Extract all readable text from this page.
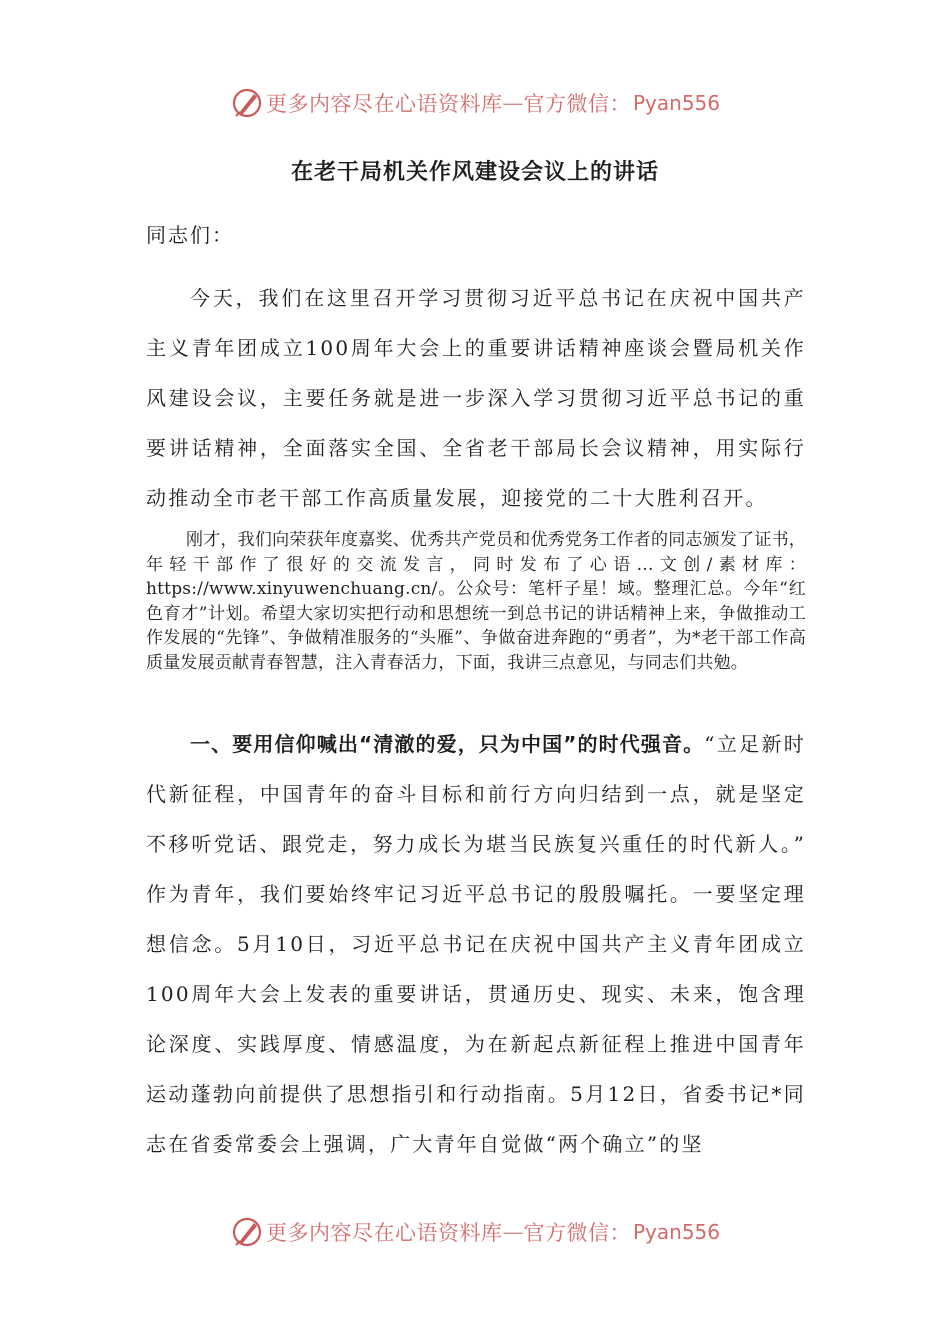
更多内容尽在心语资料库 — 官方微信： Pyan556
在老干局机关作风建设会议上的讲话
同志们：

今天，我们在这里召开学习贯彻习近平总书记在庆祝中国共产主义青年团成立100周年大会上的重要讲话精神座谈会暨局机关作风建设会议，主要任务就是进一步深入学习贯彻习近平总书记的重要讲话精神，全面落实全国、全省老干部局长会议精神，用实际行动推动全市老干部工作高质量发展，迎接党的二十大胜利召开。

刚才，我们向荣获年度嘉奖、优秀共产党员和优秀党务工作者的同志颁发了证书，年轻干部作了很好的交流发言，同时发布了心语…文创/素材库：https://www.xinyuwenchuang.cn/。公众号：笔杆子星！域。整理汇总。今年“红色育才”计划。希望大家切实把行动和思想统一到总书记的讲话精神上来，争做推动工作发展的“先锋”、争做精准服务的“头雁”、争做奋进奔跑的“勇者”，为*老干部工作高质量发展贡献青春智慧，注入青春活力，下面，我讲三点意见，与同志们共勉。

一、要用信仰喊出“清澈的爱，只为中国”的时代强音。“立足新时代新征程，中国青年的奋斗目标和前行方向归结到一点，就是坚定不移听党话、跟党走，努力成长为堪当民族复兴重任的时代新人。” 作为青年，我们要始终牢记习近平总书记的殷殷嘱托。一要坚定理想信念。5月10日，习近平总书记在庆祝中国共产主义青年团成立100周年大会上发表的重要讲话，贯通历史、现实、未来，饱含理论深度、实践厚度、情感温度，为在新起点新征程上推进中国青年运动蓬勃向前提供了思想指引和行动指南。5月12日，省委书记*同志在省委常委会上强调，广大青年自觉做“两个确立”的坚

更多内容尽在心语资料库 — 官方微信： Pyan556
